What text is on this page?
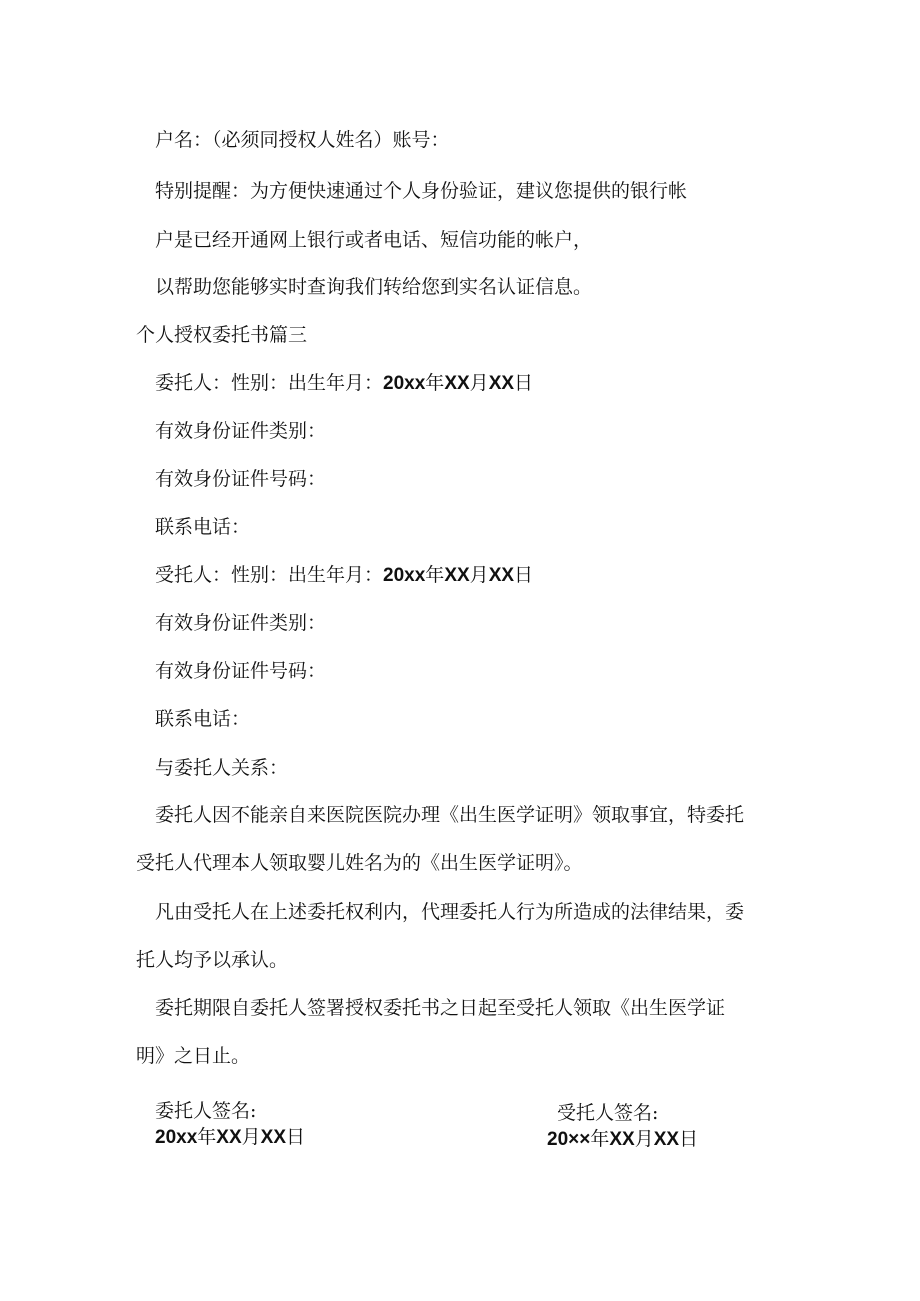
户名：（必须同授权人姓名）账号：
特别提醒：为方便快速通过个人身份验证，建议您提供的银行帐
户是已经开通网上银行或者电话、短信功能的帐户，
以帮助您能够实时查询我们转给您到实名认证信息。
个人授权委托书篇三
委托人：性别：出生年月：20xx年XX月XX日
有效身份证件类别：
有效身份证件号码：
联系电话：
受托人：性别：出生年月：20xx年XX月XX日
有效身份证件类别：
有效身份证件号码：
联系电话：
与委托人关系：
委托人因不能亲自来医院医院办理《出生医学证明》领取事宜，特委托
受托人代理本人领取婴儿姓名为的《出生医学证明》。
凡由受托人在上述委托权利内，代理委托人行为所造成的法律结果，委
托人均予以承认。
委托期限自委托人签署授权委托书之日起至受托人领取《出生医学证
明》之日止。
委托人签名:
20xx年XX月XX日
受托人签名:
20××年XX月XX日
